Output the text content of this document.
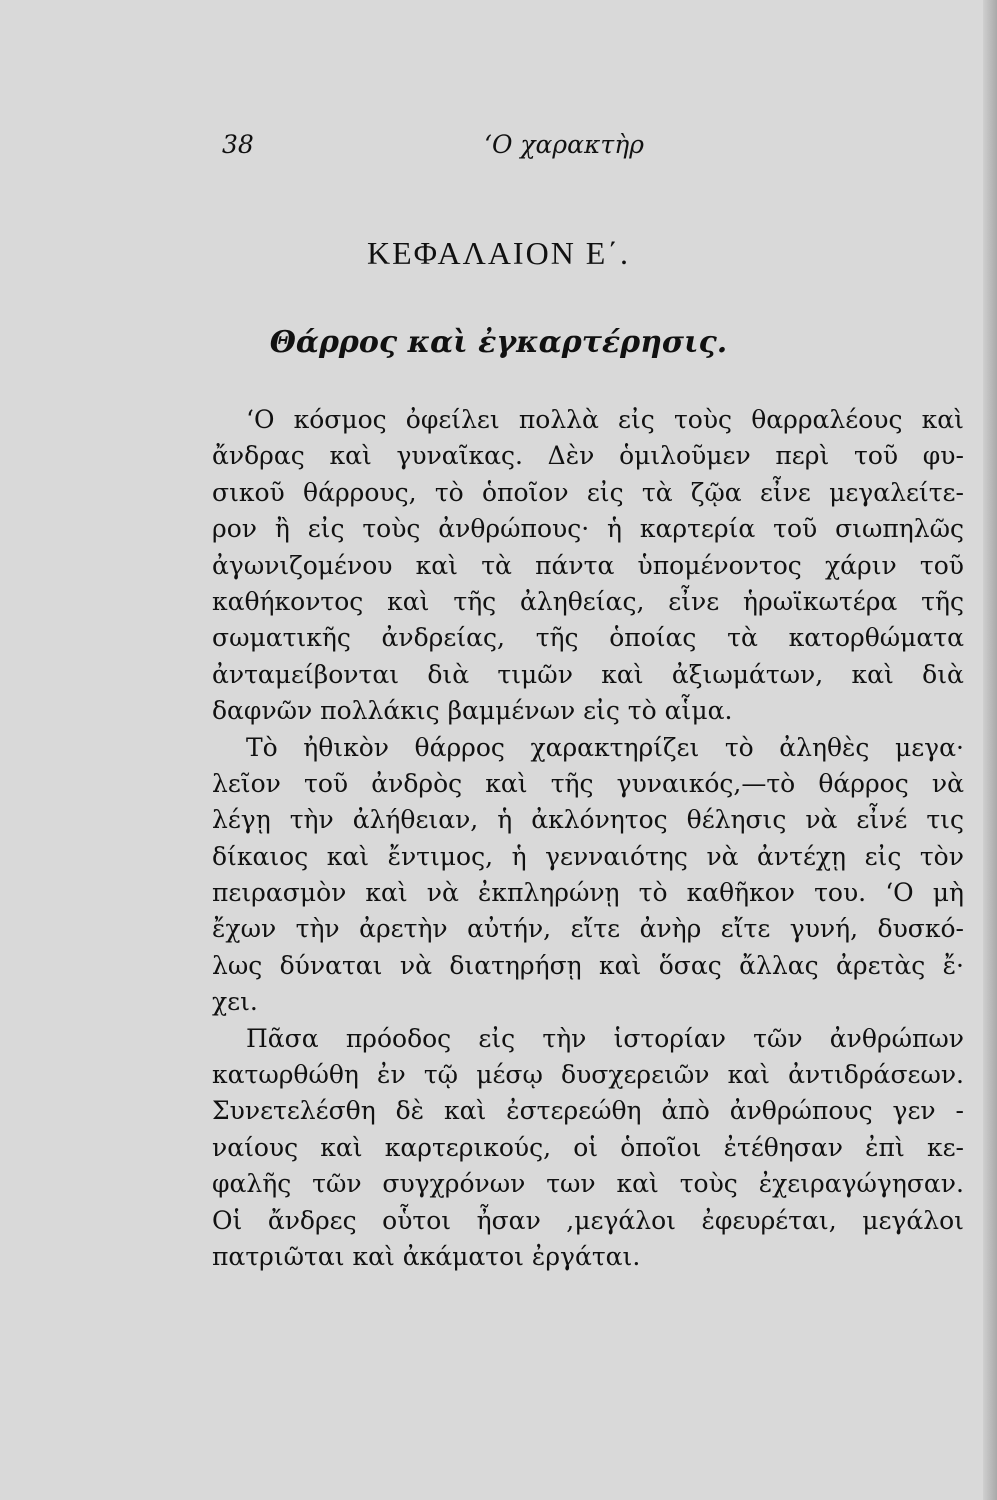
38	‘Ο χαρακτὴρ
ΚΕΦΑΛΑΙΟΝ Ε΄.
Θάρρος καὶ ἐγκαρτέρησις.
‘Ο κόσμος ὀφείλει πολλὰ εἰς τοὺς θαρραλέους καὶ
ἄνδρας καὶ γυναῖκας. Δὲν ὁμιλοῦμεν περὶ τοῦ φυ-
σικοῦ θάρρους, τὸ ὁποῖον εἰς τὰ ζῷα εἶνε μεγαλείτε-
ρον ἢ εἰς τοὺς ἀνθρώπους· ἡ καρτερία τοῦ σιωπηλῶς
ἀγωνιζομένου καὶ τὰ πάντα ὑπομένοντος χάριν τοῦ
καθήκοντος καὶ τῆς ἀληθείας, εἶνε ἡρωϊκωτέρα τῆς
σωματικῆς ἀνδρείας, τῆς ὁποίας τὰ κατορθώματα
ἀνταμείβονται διὰ τιμῶν καὶ ἀξιωμάτων, καὶ διὰ
δαφνῶν πολλάκις βαμμένων εἰς τὸ αἷμα.
Τὸ ἠθικὸν θάρρος χαρακτηρίζει τὸ ἀληθὲς μεγα·
λεῖον τοῦ ἀνδρὸς καὶ τῆς γυναικός,—τὸ θάρρος νὰ
λέγῃ τὴν ἀλήθειαν, ἡ ἀκλόνητος θέλησις νὰ εἶνέ τις
δίκαιος καὶ ἔντιμος, ἡ γενναιότης νὰ ἀντέχῃ εἰς τὸν
πειρασμὸν καὶ νὰ ἐκπληρώνῃ τὸ καθῆκον του. ‘Ο μὴ
ἔχων τὴν ἀρετὴν αὐτήν, εἴτε ἀνὴρ εἴτε γυνή, δυσκό-
λως δύναται νὰ διατηρήσῃ καὶ ὅσας ἄλλας ἀρετὰς ἔ·
χει.
Πᾶσα πρόοδος εἰς τὴν ἱστορίαν τῶν ἀνθρώπων
κατωρθώθη ἐν τῷ μέσῳ δυσχερειῶν καὶ ἀντιδράσεων.
Συνετελέσθη δὲ καὶ ἐστερεώθη ἀπὸ ἀνθρώπους γεν -
ναίους καὶ καρτερικούς, οἱ ὁποῖοι ἐτέθησαν ἐπὶ κε-
φαλῆς τῶν συγχρόνων των καὶ τοὺς ἐχειραγώγησαν.
Οἱ ἄνδρες οὗτοι ἦσαν ,μεγάλοι ἐφευρέται, μεγάλοι
πατριῶται καὶ ἀκάματοι ἐργάται.
